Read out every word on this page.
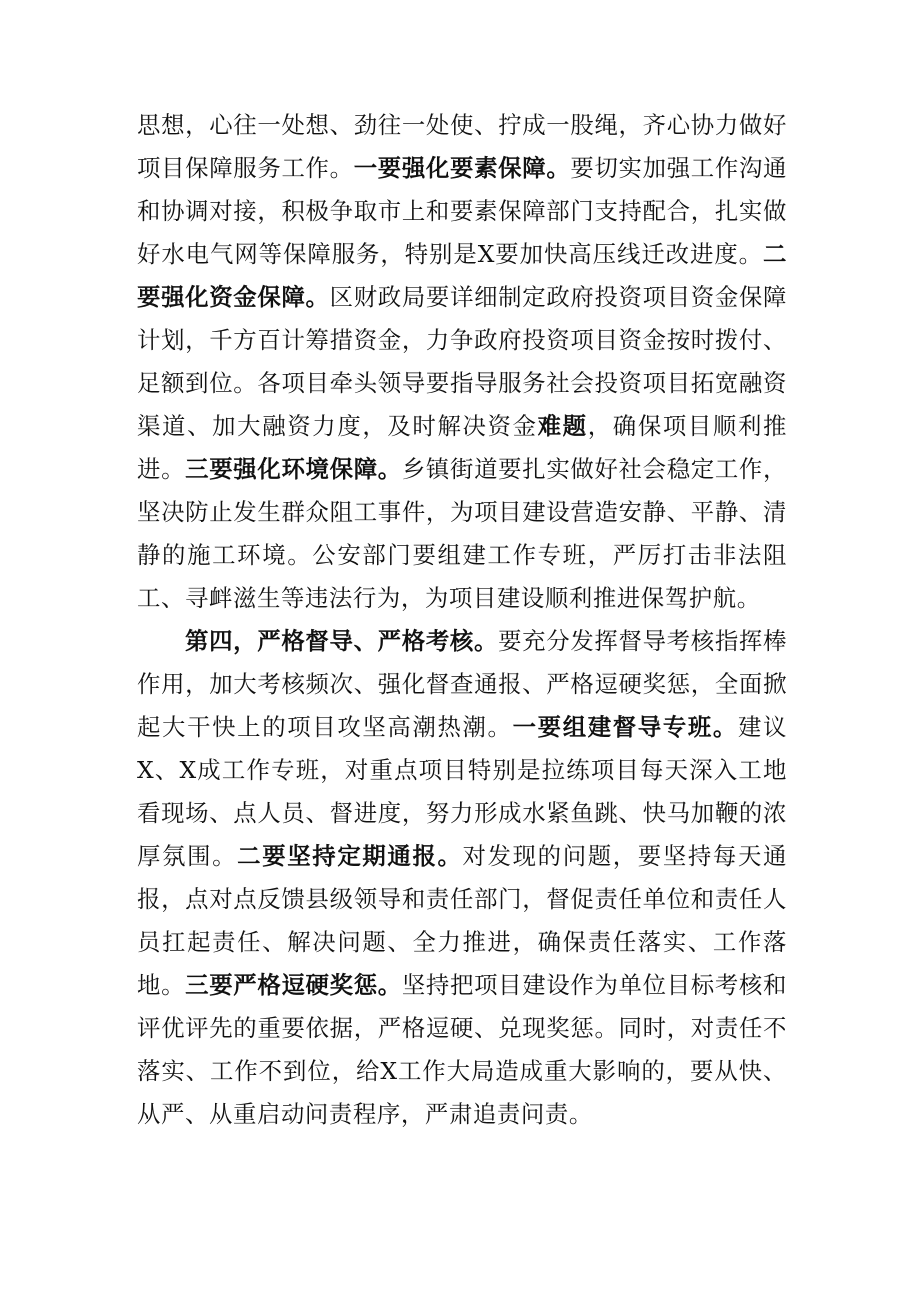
思想，心往一处想、劲往一处使、拧成一股绳，齐心协力做好项目保障服务工作。一要强化要素保障。要切实加强工作沟通和协调对接，积极争取市上和要素保障部门支持配合，扎实做好水电气网等保障服务，特别是X要加快高压线迁改进度。二要强化资金保障。区财政局要详细制定政府投资项目资金保障计划，千方百计筹措资金，力争政府投资项目资金按时拨付、足额到位。各项目牵头领导要指导服务社会投资项目拓宽融资渠道、加大融资力度，及时解决资金难题，确保项目顺利推进。三要强化环境保障。乡镇街道要扎实做好社会稳定工作，坚决防止发生群众阻工事件，为项目建设营造安静、平静、清静的施工环境。公安部门要组建工作专班，严厉打击非法阻工、寻衅滋生等违法行为，为项目建设顺利推进保驾护航。

第四，严格督导、严格考核。要充分发挥督导考核指挥棒作用，加大考核频次、强化督查通报、严格逗硬奖惩，全面掀起大干快上的项目攻坚高潮热潮。一要组建督导专班。建议X、X成工作专班，对重点项目特别是拉练项目每天深入工地看现场、点人员、督进度，努力形成水紧鱼跳、快马加鞭的浓厚氛围。二要坚持定期通报。对发现的问题，要坚持每天通报，点对点反馈县级领导和责任部门，督促责任单位和责任人员扛起责任、解决问题、全力推进，确保责任落实、工作落地。三要严格逗硬奖惩。坚持把项目建设作为单位目标考核和评优评先的重要依据，严格逗硬、兑现奖惩。同时，对责任不落实、工作不到位，给X工作大局造成重大影响的，要从快、从严、从重启动问责程序，严肃追责问责。
